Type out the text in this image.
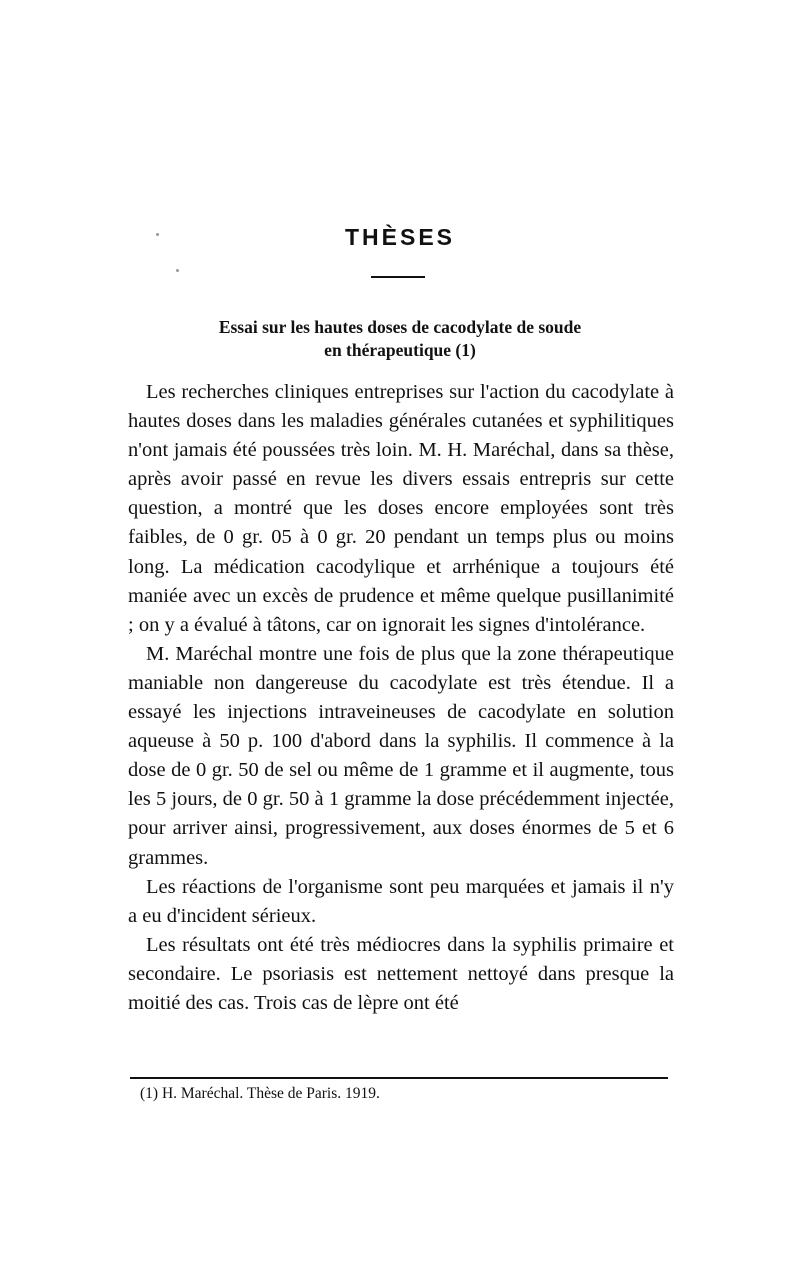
THÈSES
Essai sur les hautes doses de cacodylate de soude
en thérapeutique (1)

Les recherches cliniques entreprises sur l'action du cacodylate à hautes doses dans les maladies générales cutanées et syphilitiques n'ont jamais été poussées très loin. M. H. Maréchal, dans sa thèse, après avoir passé en revue les divers essais entrepris sur cette question, a montré que les doses encore employées sont très faibles, de 0 gr. 05 à 0 gr. 20 pendant un temps plus ou moins long. La médication cacodylique et arrhénique a toujours été maniée avec un excès de prudence et même quelque pusillanimité ; on y a évalué à tâtons, car on ignorait les signes d'intolérance.

M. Maréchal montre une fois de plus que la zone thérapeutique maniable non dangereuse du cacodylate est très étendue. Il a essayé les injections intraveineuses de cacodylate en solution aqueuse à 50 p. 100 d'abord dans la syphilis. Il commence à la dose de 0 gr. 50 de sel ou même de 1 gramme et il augmente, tous les 5 jours, de 0 gr. 50 à 1 gramme la dose précédemment injectée, pour arriver ainsi, progressivement, aux doses énormes de 5 et 6 grammes.

Les réactions de l'organisme sont peu marquées et jamais il n'y a eu d'incident sérieux.

Les résultats ont été très médiocres dans la syphilis primaire et secondaire. Le psoriasis est nettement nettoyé dans presque la moitié des cas. Trois cas de lèpre ont été

(1) H. Maréchal. Thèse de Paris. 1919.
